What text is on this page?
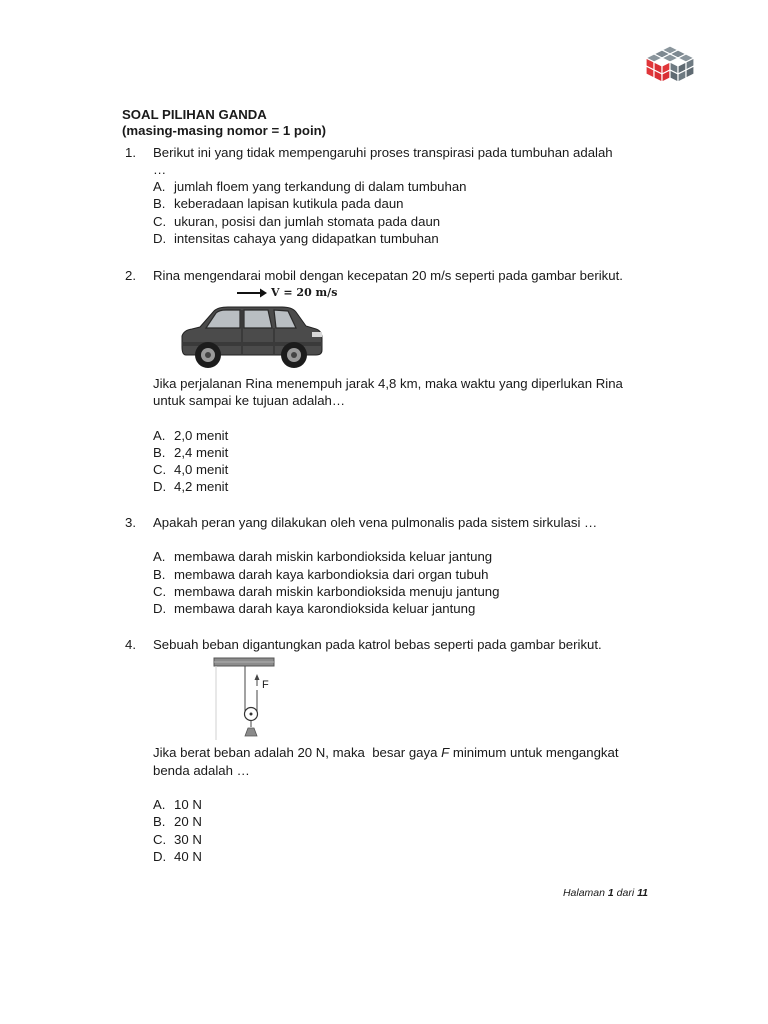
SOAL PILIHAN GANDA
(masing-masing nomor = 1 poin)
1. Berikut ini yang tidak mempengaruhi proses transpirasi pada tumbuhan adalah
…
A. jumlah floem yang terkandung di dalam tumbuhan
B. keberadaan lapisan kutikula pada daun
C. ukuran, posisi dan jumlah stomata pada daun
D. intensitas cahaya yang didapatkan tumbuhan
2. Rina mengendarai mobil dengan kecepatan 20 m/s seperti pada gambar berikut.
V = 20 m/s
Jika perjalanan Rina menempuh jarak 4,8 km, maka waktu yang diperlukan Rina
untuk sampai ke tujuan adalah…
A. 2,0 menit
B. 2,4 menit
C. 4,0 menit
D. 4,2 menit
3. Apakah peran yang dilakukan oleh vena pulmonalis pada sistem sirkulasi …
A. membawa darah miskin karbondioksida keluar jantung
B. membawa darah kaya karbondioksia dari organ tubuh
C. membawa darah miskin karbondioksida menuju jantung
D. membawa darah kaya karondioksida keluar jantung
4. Sebuah beban digantungkan pada katrol bebas seperti pada gambar berikut.
F
Jika berat beban adalah 20 N, maka  besar gaya F minimum untuk mengangkat
benda adalah …
A. 10 N
B. 20 N
C. 30 N
D. 40 N
Halaman 1 dari 11
